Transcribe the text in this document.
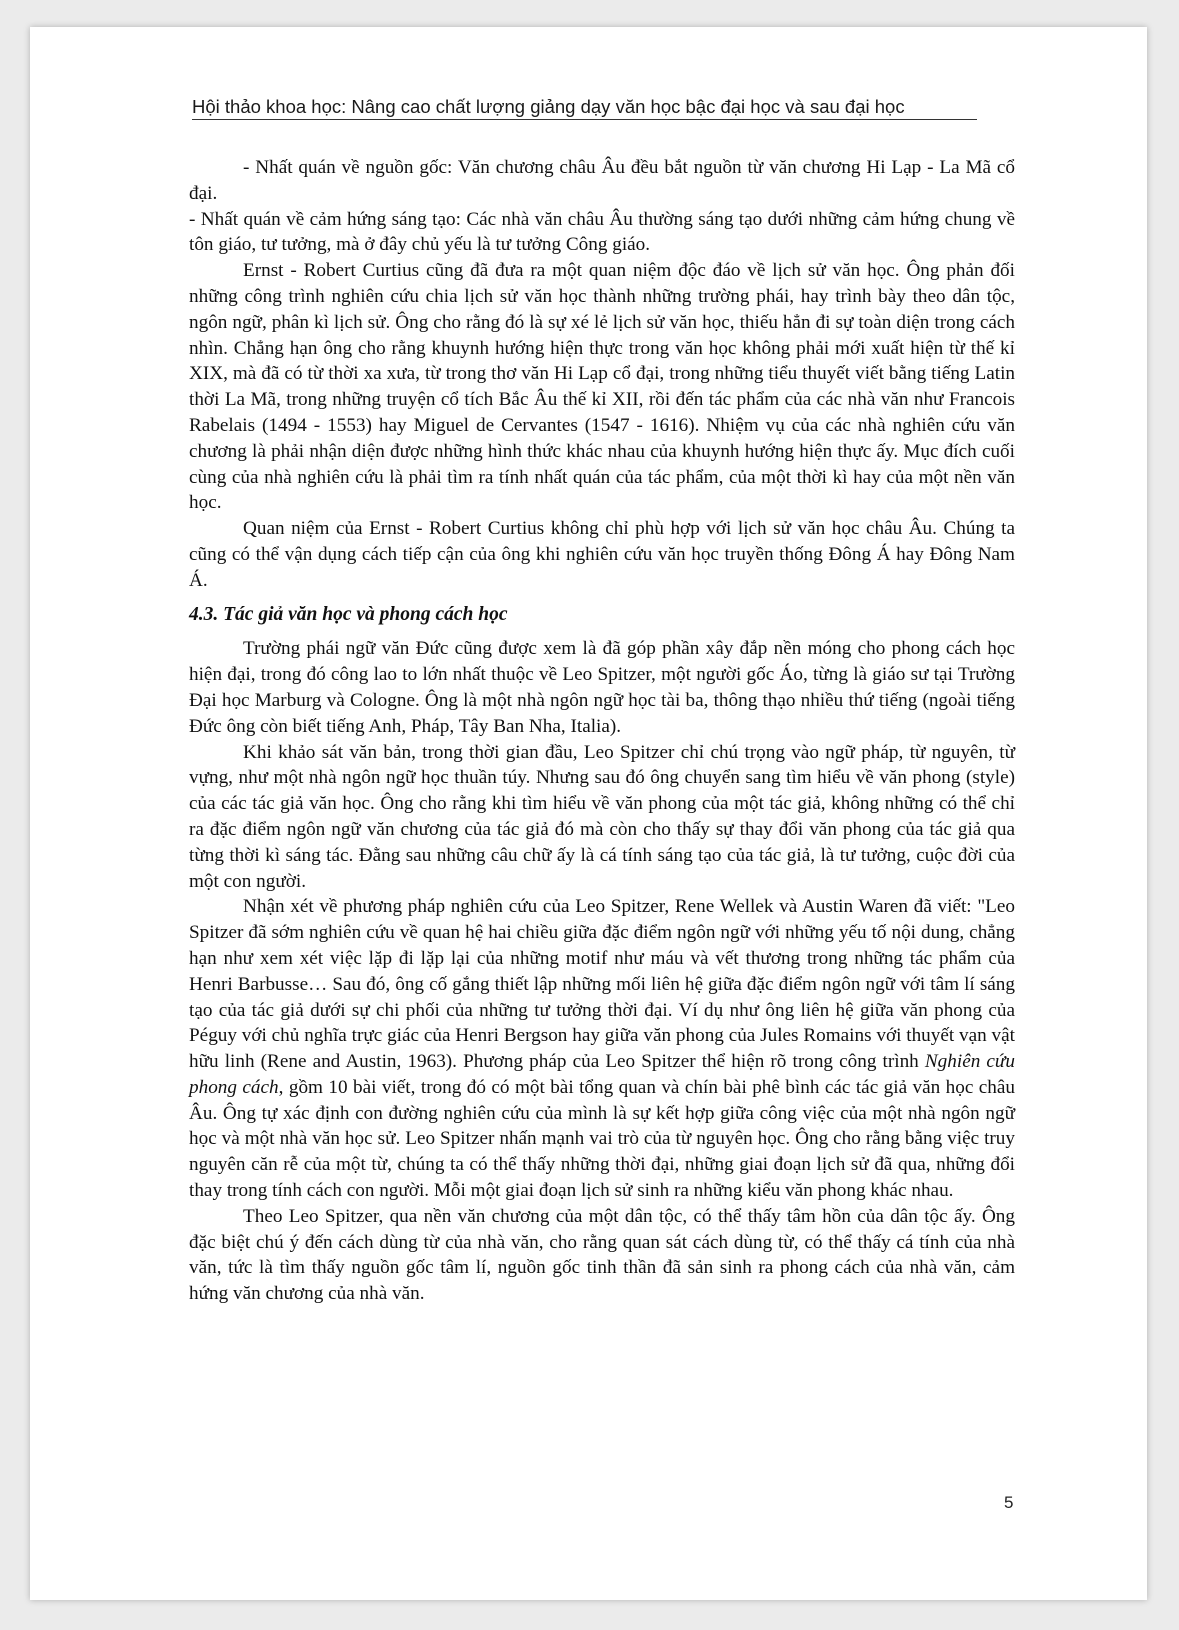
Hội thảo khoa học: Nâng cao chất lượng giảng dạy văn học bậc đại học và sau đại học

- Nhất quán về nguồn gốc: Văn chương châu Âu đều bắt nguồn từ văn chương Hi Lạp - La Mã cổ đại.

- Nhất quán về cảm hứng sáng tạo: Các nhà văn châu Âu thường sáng tạo dưới những cảm hứng chung về tôn giáo, tư tưởng, mà ở đây chủ yếu là tư tưởng Công giáo.

Ernst - Robert Curtius cũng đã đưa ra một quan niệm độc đáo về lịch sử văn học. Ông phản đối những công trình nghiên cứu chia lịch sử văn học thành những trường phái, hay trình bày theo dân tộc, ngôn ngữ, phân kì lịch sử. Ông cho rằng đó là sự xé lẻ lịch sử văn học, thiếu hẳn đi sự toàn diện trong cách nhìn. Chẳng hạn ông cho rằng khuynh hướng hiện thực trong văn học không phải mới xuất hiện từ thế kỉ XIX, mà đã có từ thời xa xưa, từ trong thơ văn Hi Lạp cổ đại, trong những tiểu thuyết viết bằng tiếng Latin thời La Mã, trong những truyện cổ tích Bắc Âu thế kỉ XII, rồi đến tác phẩm của các nhà văn như Francois Rabelais (1494 - 1553) hay Miguel de Cervantes (1547 - 1616). Nhiệm vụ của các nhà nghiên cứu văn chương là phải nhận diện được những hình thức khác nhau của khuynh hướng hiện thực ấy. Mục đích cuối cùng của nhà nghiên cứu là phải tìm ra tính nhất quán của tác phẩm, của một thời kì hay của một nền văn học.

Quan niệm của Ernst - Robert Curtius không chỉ phù hợp với lịch sử văn học châu Âu. Chúng ta cũng có thể vận dụng cách tiếp cận của ông khi nghiên cứu văn học truyền thống Đông Á hay Đông Nam Á.

4.3. Tác giả văn học và phong cách học

Trường phái ngữ văn Đức cũng được xem là đã góp phần xây đắp nền móng cho phong cách học hiện đại, trong đó công lao to lớn nhất thuộc về Leo Spitzer, một người gốc Áo, từng là giáo sư tại Trường Đại học Marburg và Cologne. Ông là một nhà ngôn ngữ học tài ba, thông thạo nhiều thứ tiếng (ngoài tiếng Đức ông còn biết tiếng Anh, Pháp, Tây Ban Nha, Italia).

Khi khảo sát văn bản, trong thời gian đầu, Leo Spitzer chỉ chú trọng vào ngữ pháp, từ nguyên, từ vựng, như một nhà ngôn ngữ học thuần túy. Nhưng sau đó ông chuyển sang tìm hiểu về văn phong (style) của các tác giả văn học. Ông cho rằng khi tìm hiểu về văn phong của một tác giả, không những có thể chỉ ra đặc điểm ngôn ngữ văn chương của tác giả đó mà còn cho thấy sự thay đổi văn phong của tác giả qua từng thời kì sáng tác. Đằng sau những câu chữ ấy là cá tính sáng tạo của tác giả, là tư tưởng, cuộc đời của một con người.

Nhận xét về phương pháp nghiên cứu của Leo Spitzer, Rene Wellek và Austin Waren đã viết: "Leo Spitzer đã sớm nghiên cứu về quan hệ hai chiều giữa đặc điểm ngôn ngữ với những yếu tố nội dung, chẳng hạn như xem xét việc lặp đi lặp lại của những motif như máu và vết thương trong những tác phẩm của Henri Barbusse… Sau đó, ông cố gắng thiết lập những mối liên hệ giữa đặc điểm ngôn ngữ với tâm lí sáng tạo của tác giả dưới sự chi phối của những tư tưởng thời đại. Ví dụ như ông liên hệ giữa văn phong của Péguy với chủ nghĩa trực giác của Henri Bergson hay giữa văn phong của Jules Romains với thuyết vạn vật hữu linh (Rene and Austin, 1963). Phương pháp của Leo Spitzer thể hiện rõ trong công trình Nghiên cứu phong cách, gồm 10 bài viết, trong đó có một bài tổng quan và chín bài phê bình các tác giả văn học châu Âu. Ông tự xác định con đường nghiên cứu của mình là sự kết hợp giữa công việc của một nhà ngôn ngữ học và một nhà văn học sử. Leo Spitzer nhấn mạnh vai trò của từ nguyên học. Ông cho rằng bằng việc truy nguyên căn rễ của một từ, chúng ta có thể thấy những thời đại, những giai đoạn lịch sử đã qua, những đổi thay trong tính cách con người. Mỗi một giai đoạn lịch sử sinh ra những kiểu văn phong khác nhau.

Theo Leo Spitzer, qua nền văn chương của một dân tộc, có thể thấy tâm hồn của dân tộc ấy. Ông đặc biệt chú ý đến cách dùng từ của nhà văn, cho rằng quan sát cách dùng từ, có thể thấy cá tính của nhà văn, tức là tìm thấy nguồn gốc tâm lí, nguồn gốc tinh thần đã sản sinh ra phong cách của nhà văn, cảm hứng văn chương của nhà văn.

5
